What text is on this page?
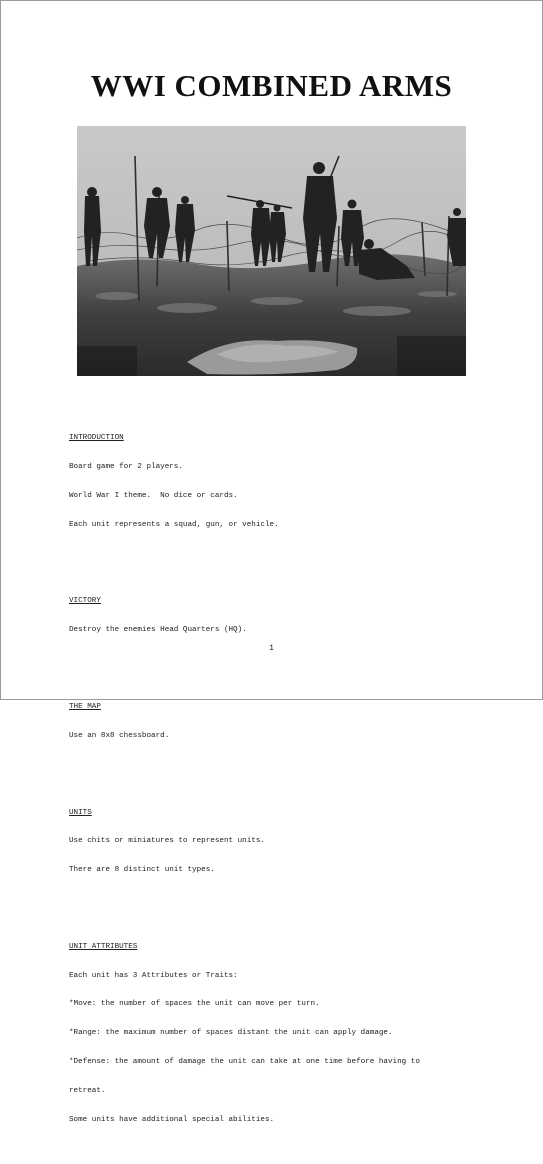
WWI COMBINED ARMS

INTRODUCTION

Board game for 2 players.

World War I theme.  No dice or cards.

Each unit represents a squad, gun, or vehicle.

VICTORY

Destroy the enemies Head Quarters (HQ).

THE MAP

Use an 8x8 chessboard.

UNITS

Use chits or miniatures to represent units.

There are 8 distinct unit types.

UNIT ATTRIBUTES

Each unit has 3 Attributes or Traits:

*Move: the number of spaces the unit can move per turn.

*Range: the maximum number of spaces distant the unit can apply damage.

*Defense: the amount of damage the unit can take at one time before having to

retreat.

Some units have additional special abilities.

1
